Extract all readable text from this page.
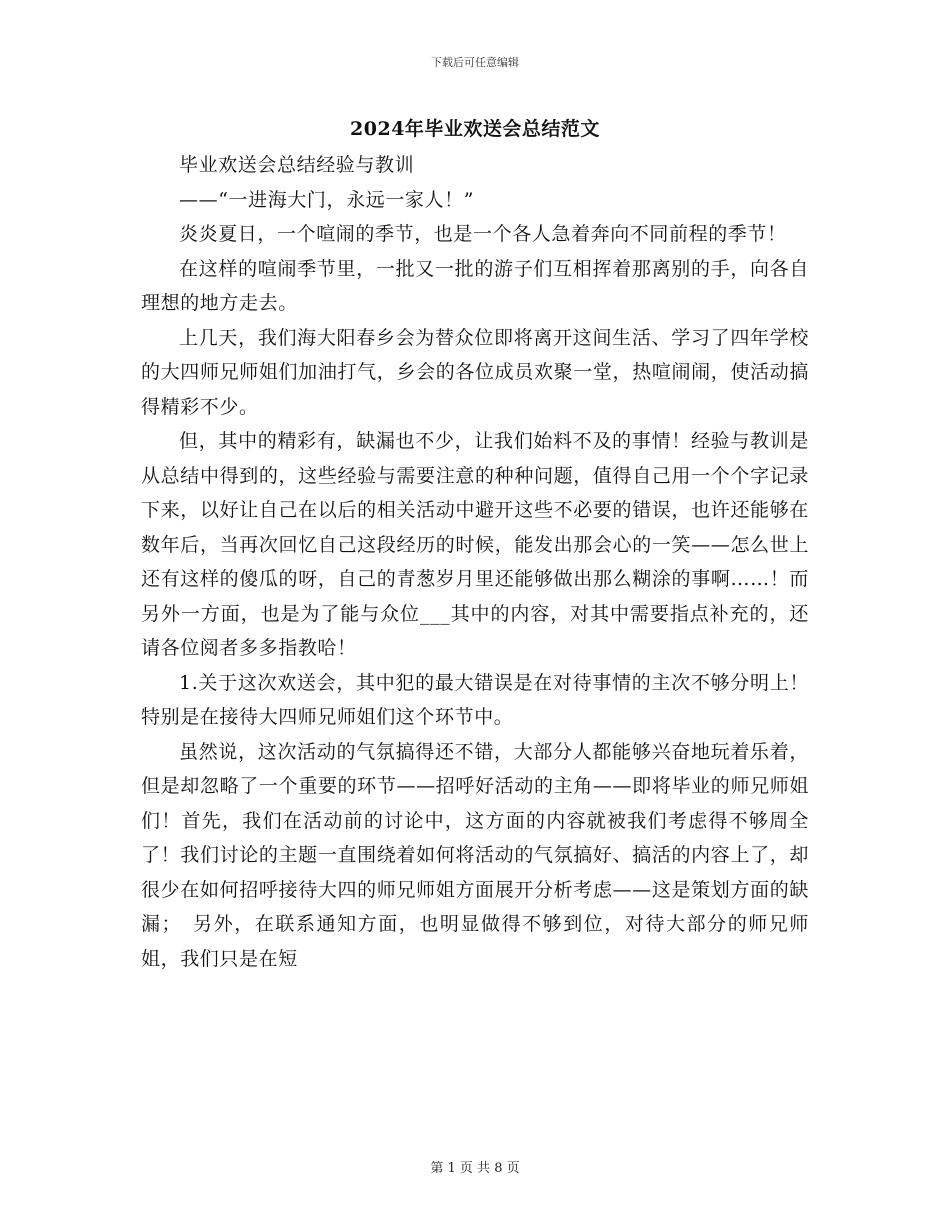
下载后可任意编辑
2024年毕业欢送会总结范文

毕业欢送会总结经验与教训

——“一进海大门，永远一家人！”

炎炎夏日，一个喧闹的季节，也是一个各人急着奔向不同前程的季节！

在这样的喧闹季节里，一批又一批的游子们互相挥着那离别的手，向各自理想的地方走去。

上几天，我们海大阳春乡会为替众位即将离开这间生活、学习了四年学校的大四师兄师姐们加油打气，乡会的各位成员欢聚一堂，热喧闹闹，使活动搞得精彩不少。

但，其中的精彩有，缺漏也不少，让我们始料不及的事情！经验与教训是从总结中得到的，这些经验与需要注意的种种问题，值得自己用一个个字记录下来，以好让自己在以后的相关活动中避开这些不必要的错误，也许还能够在数年后，当再次回忆自己这段经历的时候，能发出那会心的一笑——怎么世上还有这样的傻瓜的呀，自己的青葱岁月里还能够做出那么糊涂的事啊……！而另外一方面，也是为了能与众位___其中的内容，对其中需要指点补充的，还请各位阅者多多指教哈！

1.关于这次欢送会，其中犯的最大错误是在对待事情的主次不够分明上！特别是在接待大四师兄师姐们这个环节中。

虽然说，这次活动的气氛搞得还不错，大部分人都能够兴奋地玩着乐着，但是却忽略了一个重要的环节——招呼好活动的主角——即将毕业的师兄师姐们！首先，我们在活动前的讨论中，这方面的内容就被我们考虑得不够周全了！我们讨论的主题一直围绕着如何将活动的气氛搞好、搞活的内容上了，却很少在如何招呼接待大四的师兄师姐方面展开分析考虑——这是策划方面的缺漏；　另外，在联系通知方面，也明显做得不够到位，对待大部分的师兄师姐，我们只是在短

第 1 页 共 8 页
